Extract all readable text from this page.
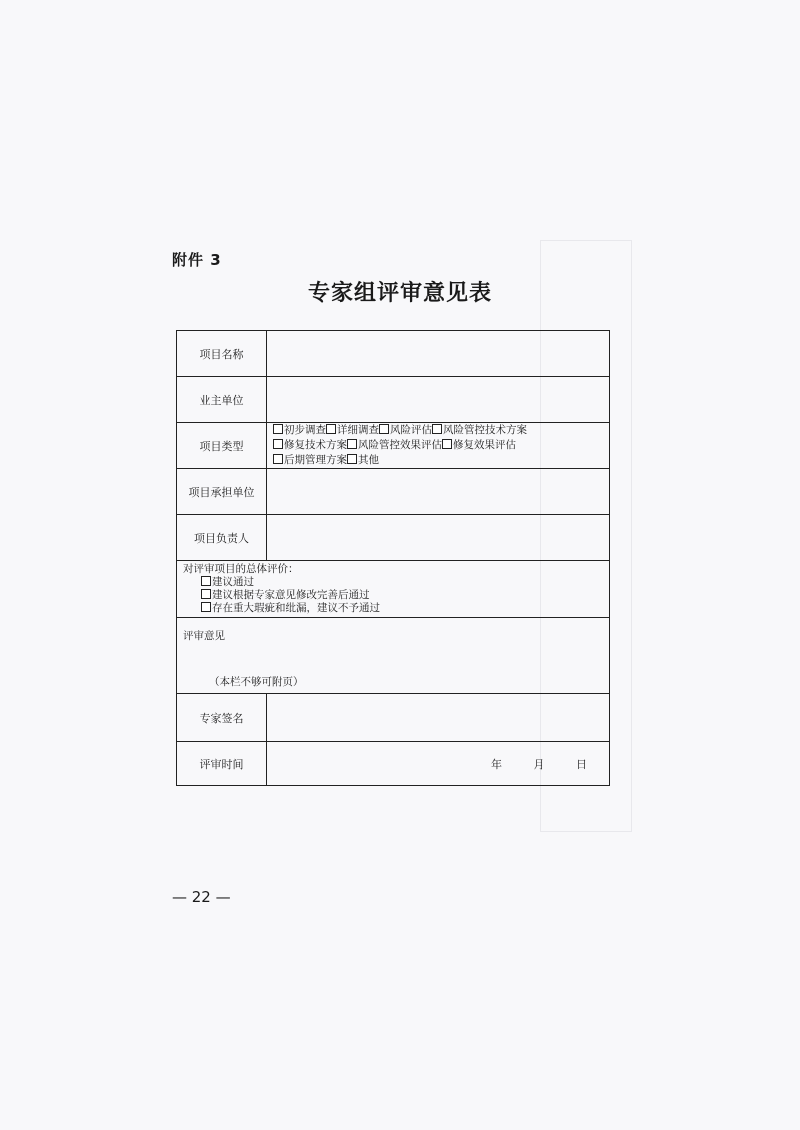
附件 3
专家组评审意见表
项目名称	
业主单位	
项目类型	初步调查 详细调查 风险评估 风险管控技术方案
修复技术方案 风险管控效果评估 修复效果评估
后期管理方案 其他
项目承担单位	
项目负责人	

对评审项目的总体评价：
建议通过
建议根据专家意见修改完善后通过
存在重大瑕疵和纰漏，建议不予通过	

评审意见
（本栏不够可附页）	

专家签名	
评审时间	年 月 日
— 22 —
